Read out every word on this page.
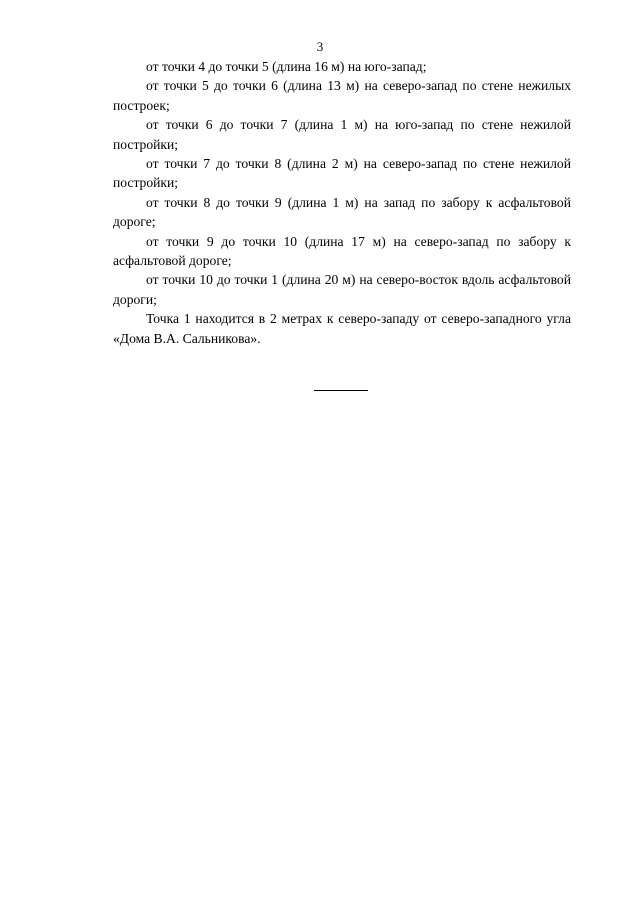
3

от точки 4 до точки 5 (длина 16 м) на юго-запад;

от точки 5 до точки 6 (длина 13 м) на северо-запад по стене нежилых построек;

от точки 6 до точки 7 (длина 1 м) на юго-запад по стене нежилой постройки;

от точки 7 до точки 8 (длина 2 м) на северо-запад по стене нежилой постройки;

от точки 8 до точки 9 (длина 1 м) на запад по забору к асфальтовой дороге;

от точки 9 до точки 10 (длина 17 м) на северо-запад по забору к асфальтовой дороге;

от точки 10 до точки 1 (длина 20 м) на северо-восток вдоль асфальтовой дороги;

Точка 1 находится в 2 метрах к северо-западу от северо-западного угла «Дома В.А. Сальникова».
